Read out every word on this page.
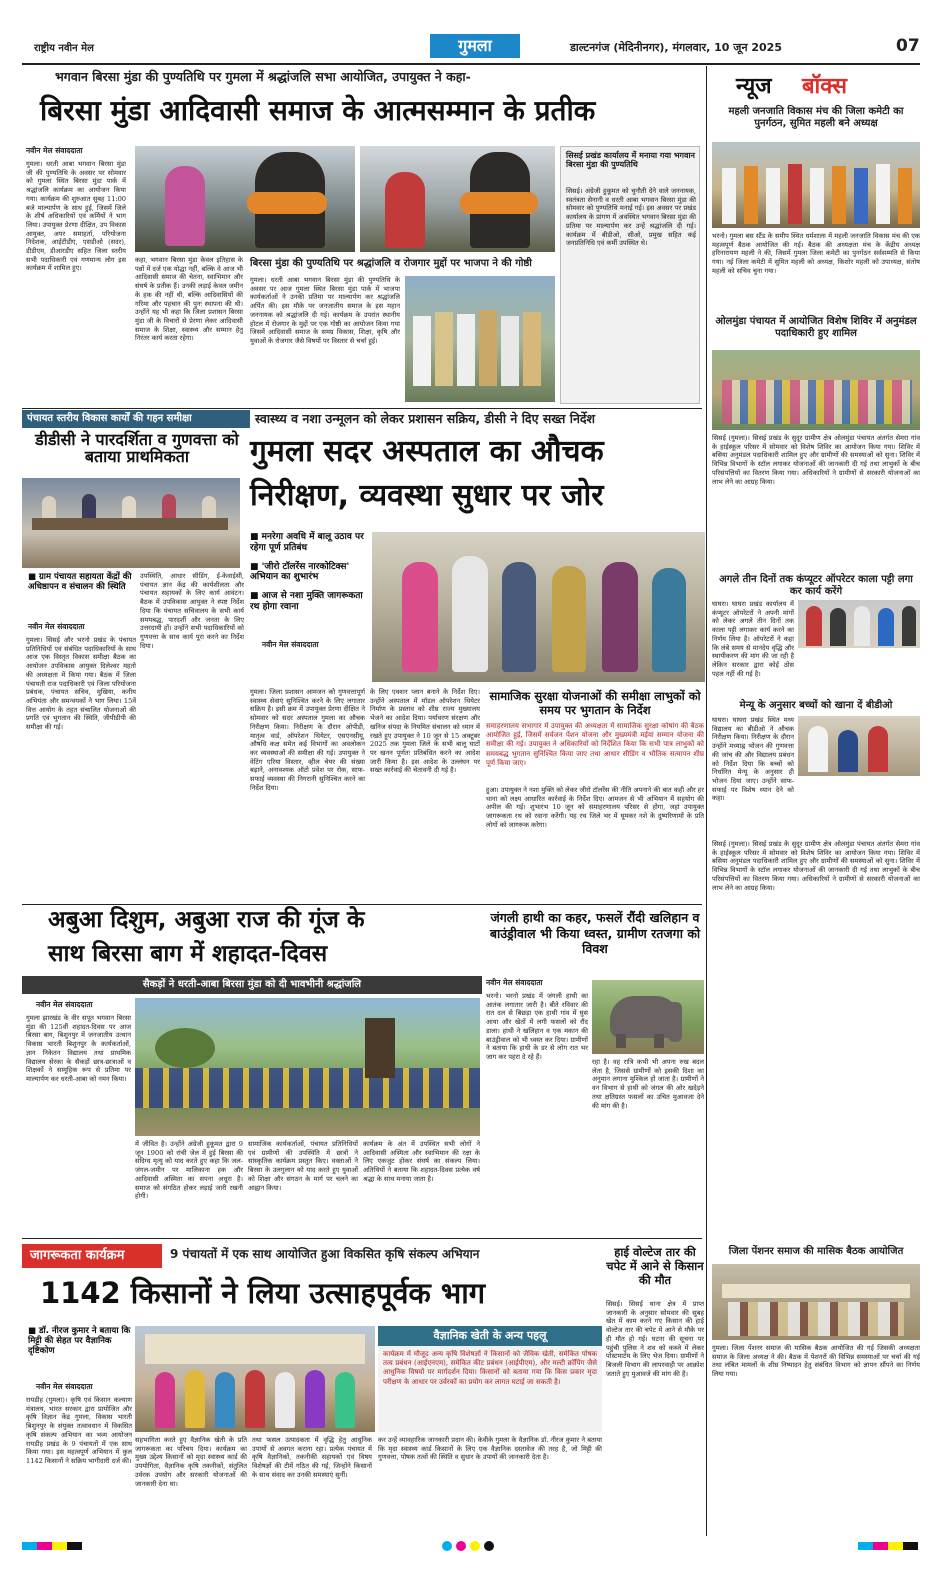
राष्ट्रीय नवीन मेल	गुमला	डाल्टनगंज (मेदिनीनगर), मंगलवार, 10 जून 2025	07
भगवान बिरसा मुंडा की पुण्यतिथि पर गुमला में श्रद्धांजलि सभा आयोजित, उपायुक्त ने कहा-
बिरसा मुंडा आदिवासी समाज के आत्मसम्मान के प्रतीक
नवीन मेल संवाददाता
गुमला। धरती आबा भगवान बिरसा मुंडा जी की पुण्यतिथि के अवसर पर सोमवार को गुमला स्थित बिरसा मुंडा पार्क में श्रद्धांजलि कार्यक्रम का आयोजन किया गया। कार्यक्रम की शुरुआत सुबह 11:00 बजे माल्यार्पण के साथ हुई, जिसमें जिले के शीर्ष अधिकारियों एवं कर्मियों ने भाग लिया। उपायुक्त प्रेरणा दीक्षित, उप विकास आयुक्त, अपर समाहर्ता, परियोजना निदेशक, आईटीडीए, एसडीओ (सदर), डीडीएम, डीआरडीए सहित जिला स्तरीय सभी पदाधिकारी एवं गणमान्य लोग इस कार्यक्रम में शामिल हुए।
कहा, भगवान बिरसा मुंडा केवल इतिहास के पन्नों में दर्ज एक योद्धा नहीं, बल्कि वे आज भी आदिवासी समाज की चेतना, स्वाभिमान और संघर्ष के प्रतीक हैं। उनकी लड़ाई केवल जमीन के हक की नहीं थी, बल्कि आदिवासियों की गरिमा और पहचान की पुनः स्थापना की थी। उन्होंने यह भी कहा कि जिला प्रशासन बिरसा मुंडा जी के विचारों से प्रेरणा लेकर आदिवासी समाज के शिक्षा, स्वास्थ्य और सम्मान हेतु निरंतर कार्य करता रहेगा।
सिसई प्रखंड कार्यालय में मनाया गया भगवान बिरसा मुंडा की पुण्यतिथि
सिसई। अंग्रेजी हुकूमत को चुनौती देने वाले जननायक, स्वतंत्रता सेनानी व धरती आबा भगवान बिरसा मुंडा की सोमवार को पुण्यतिथि मनाई गई। इस अवसर पर प्रखंड कार्यालय के प्रांगण में अवस्थित भगवान बिरसा मुंडा की प्रतिमा पर माल्यार्पण कर उन्हें श्रद्धांजलि दी गई। कार्यक्रम में बीडीओ, सीओ, प्रमुख सहित कई जनप्रतिनिधि एवं कर्मी उपस्थित थे।
बिरसा मुंडा की पुण्यतिथि पर श्रद्धांजलि व रोजगार मुद्दों पर भाजपा ने की गोष्ठी
गुमला। धरती आबा भगवान बिरसा मुंडा की पुण्यतिथि के अवसर पर आज गुमला स्थित बिरसा मुंडा पार्क में भाजपा कार्यकर्ताओं ने उनकी प्रतिमा पर माल्यार्पण कर श्रद्धांजलि अर्पित की। इस मौके पर जनजातीय समाज के इस महान जननायक को श्रद्धांजलि दी गई। कार्यक्रम के उपरांत स्थानीय होटल में रोजगार के मुद्दों पर एक गोष्ठी का आयोजन किया गया जिसमें आदिवासी समाज के समग्र विकास, शिक्षा, कृषि और युवाओं के रोजगार जैसे विषयों पर विस्तार से चर्चा हुई।
पंचायत स्तरीय विकास कार्यों की गहन समीक्षा
डीडीसी ने पारदर्शिता व गुणवत्ता को बताया प्राथमिकता
■ ग्राम पंचायत सहायता केंद्रों की अधिष्ठापन व संचालन की स्थिति
नवीन मेल संवाददाता
गुमला। सिसई और भरनो प्रखंड के पंचायत प्रतिनिधियों एवं संबंधित पदाधिकारियों के साथ आज एक विस्तृत विकास समीक्षा बैठक का आयोजन उपविकास आयुक्त दिलेश्वर महतो की अध्यक्षता में किया गया। बैठक में जिला पंचायती राज पदाधिकारी एवं जिला परियोजना प्रबंधक, पंचायत सचिव, मुखिया, कनीय अभियंता और समन्वयकों ने भाग लिया। 15वें वित्त आयोग के तहत संचालित योजनाओं की प्रगति एवं भुगतान की स्थिति, जीपीडीपी की समीक्षा की गई।
उपस्थिति, आधार सीडिंग, ई-केवाईसी, पंचायत ज्ञान केंद्र की कार्यशीलता और पंचायत सहायकों के लिए कार्य आवंटन। बैठक में उपविकास आयुक्त ने स्पष्ट निर्देश दिया कि पंचायत सचिवालय के सभी कार्य समयबद्ध, पारदर्शी और जनता के लिए उत्तरदायी हों। उन्होंने सभी पदाधिकारियों को गुणवत्ता के साथ कार्य पूरा करने का निर्देश दिया।
स्वास्थ्य व नशा उन्मूलन को लेकर प्रशासन सक्रिय, डीसी ने दिए सख्त निर्देश
गुमला सदर अस्पताल का औचक
निरीक्षण, व्यवस्था सुधार पर जोर
■ मनरेगा अवधि में बालू उठाव पर रहेगा पूर्ण प्रतिबंध
■ 'जीरो टॉलरेंस नारकोटिक्स' अभियान का शुभारंभ
■ आज से नशा मुक्ति जागरूकता रथ होगा रवाना
नवीन मेल संवाददाता
गुमला। जिला प्रशासन आमजन को गुणवत्तापूर्ण स्वास्थ्य सेवाएं सुनिश्चित करने के लिए लगातार सक्रिय है। इसी क्रम में उपायुक्त प्रेरणा दीक्षित ने सोमवार को सदर अस्पताल गुमला का औचक निरीक्षण किया। निरीक्षण के दौरान ओपीडी, मातृत्व वार्ड, ऑपरेशन थियेटर, एसएनसीयू, औषधि कक्ष समेत कई विभागों का अवलोकन कर व्यवस्थाओं की समीक्षा की गई। उपायुक्त ने वेटिंग एरिया विस्तार, व्हील चेयर की संख्या बढ़ाने, अनावश्यक ऑटो प्रवेश पर रोक, साफ-सफाई व्यवस्था की निगरानी सुनिश्चित करने का निर्देश दिया।
के लिए एक्शन प्लान बनाने के निर्देश दिए। उन्होंने अस्पताल में मॉडल ऑपरेशन थियेटर निर्माण के प्रस्ताव को शीघ्र राज्य मुख्यालय भेजने का आदेश दिया। पर्यावरण संरक्षण और खनिज संपदा के नियमित संचालन को ध्यान में रखते हुए उपायुक्त ने 10 जून से 15 अक्टूबर 2025 तक गुमला जिले के सभी बालू घाटों पर खनन पूर्णतः प्रतिबंधित करने का आदेश जारी किया है। इस आदेश के उल्लंघन पर सख्त कार्रवाई की चेतावनी दी गई है।
सामाजिक सुरक्षा योजनाओं की समीक्षा लाभुकों को समय पर भुगतान के निर्देश
समाहरणालय सभागार में उपायुक्त की अध्यक्षता में सामाजिक सुरक्षा कोषांग की बैठक आयोजित हुई, जिसमें सर्वजन पेंशन योजना और मुख्यमंत्री मईयां सम्मान योजना की समीक्षा की गई। उपायुक्त ने अधिकारियों को निर्देशित किया कि सभी पात्र लाभुकों को समयबद्ध भुगतान सुनिश्चित किया जाए तथा आधार सीडिंग व भौतिक सत्यापन शीघ्र पूर्ण किया जाए।
हुआ। उपायुक्त ने नशा मुक्ति को लेकर जीरो टॉलरेंस की नीति अपनाने की बात कही और हर थाना को लक्ष्य आधारित कार्रवाई के निर्देश दिए। आमजन से भी अभियान में सहयोग की अपील की गई। शुभारंभ 10 जून को समाहरणालय परिसर से होगा, जहां उपायुक्त जागरूकता रथ को रवाना करेंगी। यह रथ जिले भर में घूमकर नशे के दुष्परिणामों के प्रति लोगों को जागरूक करेगा।
अबुआ दिशुम, अबुआ राज की गूंज के
साथ बिरसा बाग में शहादत-दिवस
सैकड़ों ने धरती-आबा बिरसा मुंडा को दी भावभीनी श्रद्धांजलि
नवीन मेल संवाददाता
गुमला झारखंड के वीर सपूत भगवान बिरसा मुंडा की 125वीं शहादत-दिवस पर आज बिरसा बाग, बिशुनपुर में जनजातीय उत्थान विकास भारती बिशुनपुर के कार्यकर्ताओं, ज्ञान निकेतन विद्यालय तथा प्राथमिक विद्यालय सेरका के सैकड़ों छात्र-छात्राओं व शिक्षकों ने सामूहिक रूप से प्रतिमा पर माल्यार्पण कर धरती-आबा को नमन किया।
में जीवित है। उन्होंने अंग्रेजी हुकूमत द्वारा 9 जून 1900 को रांची जेल में हुई बिरसा की संदिग्ध मृत्यु को याद करते हुए कहा कि जल-जंगल-जमीन पर मालिकाना हक और आदिवासी अस्मिता का सपना अधूरा है। समाज को संगठित होकर लड़ाई जारी रखनी होगी।
सामाजिक कार्यकर्ताओं, पंचायत प्रतिनिधियों एवं ग्रामीणों की उपस्थिति में छात्रों ने सांस्कृतिक कार्यक्रम प्रस्तुत किए। वक्ताओं ने बिरसा के उलगुलान को याद करते हुए युवाओं को शिक्षा और संगठन के मार्ग पर चलने का आह्वान किया।
कार्यक्रम के अंत में उपस्थित सभी लोगों ने आदिवासी अस्मिता और स्वाभिमान की रक्षा के लिए एकजुट होकर संघर्ष का संकल्प लिया। अतिथियों ने बताया कि शहादत-दिवस प्रत्येक वर्ष श्रद्धा के साथ मनाया जाता है।
जंगली हाथी का कहर, फसलें रौंदी खलिहान व बाउंड्रीवाल भी किया ध्वस्त, ग्रामीण रतजगा को विवश
नवीन मेल संवाददाता
भरनो। भरनो प्रखंड में जंगली हाथी का आतंक लगातार जारी है। बीते रविवार की रात दल से बिछड़ा एक हाथी गांव में घुस आया और खेतों में लगी फसलों को रौंद डाला। हाथी ने खलिहान व एक मकान की बाउंड्रीवाल को भी ध्वस्त कर दिया। ग्रामीणों ने बताया कि हाथी के डर से लोग रात भर जाग कर पहरा दे रहे हैं।
रहा है। वह रात्रि कभी भी अपना रुख बदल लेता है, जिससे ग्रामीणों को इसकी दिशा का अनुमान लगाना मुश्किल हो जाता है। ग्रामीणों ने वन विभाग से हाथी को जंगल की ओर खदेड़ने तथा क्षतिग्रस्त फसलों का उचित मुआवजा देने की मांग की है।
जागरूकता कार्यक्रम	9 पंचायतों में एक साथ आयोजित हुआ विकसित कृषि संकल्प अभियान
1142 किसानों ने लिया उत्साहपूर्वक भाग
■ डॉ. नीरज कुमार ने बताया कि मिट्टी की सेहत पर वैज्ञानिक दृष्टिकोण
नवीन मेल संवाददाता
रायडीह (गुमला)। कृषि एवं किसान कल्याण मंत्रालय, भारत सरकार द्वारा प्रायोजित और कृषि विज्ञान केंद्र गुमला, विकास भारती बिशुनपुर के संयुक्त तत्वावधान में विकसित कृषि संकल्प अभियान का भव्य आयोजन रायडीह प्रखंड के 9 पंचायतों में एक साथ किया गया। इस महत्वपूर्ण अभियान में कुल 1142 किसानों ने सक्रिय भागीदारी दर्ज की।
वैज्ञानिक खेती के अन्य पहलू
कार्यक्रम में मौजूद अन्य कृषि विशेषज्ञों ने किसानों को जैविक खेती, समेकित पोषक तत्व प्रबंधन (आईएनएम), समेकित कीट प्रबंधन (आईपीएम), और मल्टी क्रॉपिंग जैसे आधुनिक विषयों पर मार्गदर्शन दिया। किसानों को बताया गया कि किस प्रकार मृदा परीक्षण के आधार पर उर्वरकों का प्रयोग कर लागत घटाई जा सकती है।
सहभागिता करते हुए वैज्ञानिक खेती के प्रति जागरूकता का परिचय दिया। कार्यक्रम का मुख्य उद्देश्य किसानों को मृदा स्वास्थ्य कार्ड की उपयोगिता, वैज्ञानिक कृषि तकनीकों, संतुलित उर्वरक उपयोग और सरकारी योजनाओं की जानकारी देना था।
तथा फसल उत्पादकता में वृद्धि हेतु आधुनिक उपायों से अवगत कराना रहा। प्रत्येक पंचायत में कृषि वैज्ञानिकों, तकनीकी सहायकों एवं विषय विशेषज्ञों की टीमें गठित की गईं, जिन्होंने किसानों के साथ संवाद कर उनकी समस्याएं सुनीं।
कर उन्हें व्यावहारिक जानकारी प्रदान की। केवीके गुमला के वैज्ञानिक डॉ. नीरज कुमार ने बताया कि मृदा स्वास्थ्य कार्ड किसानों के लिए एक वैज्ञानिक दस्तावेज की तरह है, जो मिट्टी की गुणवत्ता, पोषक तत्वों की स्थिति व सुधार के उपायों की जानकारी देता है।
हाई वोल्टेज तार की चपेट में आने से किसान की मौत
सिसई। सिसई थाना क्षेत्र में प्राप्त जानकारी के अनुसार सोमवार की सुबह खेत में काम करने गए किसान की हाई वोल्टेज तार की चपेट में आने से मौके पर ही मौत हो गई। घटना की सूचना पर पहुंची पुलिस ने शव को कब्जे में लेकर पोस्टमार्टम के लिए भेज दिया। ग्रामीणों ने बिजली विभाग की लापरवाही पर आक्रोश जताते हुए मुआवजे की मांग की है।
न्यूज बॉक्स
महली जनजाति विकास मंच की जिला कमेटी का पुनर्गठन, सुमित महली बने अध्यक्ष
भरनो। गुमला बस स्टैंड के समीप स्थित धर्मशाला में महली जनजाति विकास मंच की एक महत्वपूर्ण बैठक आयोजित की गई। बैठक की अध्यक्षता मंच के केंद्रीय अध्यक्ष हरिनारायण महली ने की, जिसमें गुमला जिला कमेटी का पुनर्गठन सर्वसम्मति से किया गया। नई जिला कमेटी में सुमित महली को अध्यक्ष, किशोर महली को उपाध्यक्ष, संतोष महली को सचिव चुना गया।
ओलमुंडा पंचायत में आयोजित विशेष शिविर में अनुमंडल पदाधिकारी हुए शामिल
सिसई (गुमला)। सिसई प्रखंड के सुदूर ग्रामीण क्षेत्र ओलमुंडा पंचायत अंतर्गत सेमरा गांव के हाईस्कूल परिसर में सोमवार को विशेष शिविर का आयोजन किया गया। शिविर में बसिया अनुमंडल पदाधिकारी शामिल हुए और ग्रामीणों की समस्याओं को सुना। शिविर में विभिन्न विभागों के स्टॉल लगाकर योजनाओं की जानकारी दी गई तथा लाभुकों के बीच परिसंपत्तियों का वितरण किया गया। अधिकारियों ने ग्रामीणों से सरकारी योजनाओं का लाभ लेने का आग्रह किया।
अगले तीन दिनों तक कंप्यूटर ऑपरेटर काला पट्टी लगा कर कार्य करेंगे
घाघरा। घाघरा प्रखंड कार्यालय में कंप्यूटर ऑपरेटरों ने अपनी मांगों को लेकर अगले तीन दिनों तक काला पट्टी लगाकर कार्य करने का निर्णय लिया है। ऑपरेटरों ने कहा कि लंबे समय से मानदेय वृद्धि और स्थायीकरण की मांग की जा रही है लेकिन सरकार द्वारा कोई ठोस पहल नहीं की गई है।
मेन्यू के अनुसार बच्चों को खाना दें बीडीओ
घाघरा। घाघरा प्रखंड स्थित मध्य विद्यालय का बीडीओ ने औचक निरीक्षण किया। निरीक्षण के दौरान उन्होंने मध्याह्न भोजन की गुणवत्ता की जांच की और विद्यालय प्रबंधन को निर्देश दिया कि बच्चों को निर्धारित मेन्यू के अनुसार ही भोजन दिया जाए। उन्होंने साफ-सफाई पर विशेष ध्यान देने को कहा।
जिला पेंशनर समाज की मासिक बैठक आयोजित
गुमला। जिला पेंशनर समाज की मासिक बैठक आयोजित की गई जिसकी अध्यक्षता समाज के जिला अध्यक्ष ने की। बैठक में पेंशनरों की विभिन्न समस्याओं पर चर्चा की गई तथा लंबित मामलों के शीघ्र निष्पादन हेतु संबंधित विभाग को ज्ञापन सौंपने का निर्णय लिया गया।
सिसई (गुमला)। सिसई प्रखंड के सुदूर ग्रामीण क्षेत्र ओलमुंडा पंचायत अंतर्गत सेमरा गांव के हाईस्कूल परिसर में सोमवार को विशेष शिविर का आयोजन किया गया। शिविर में बसिया अनुमंडल पदाधिकारी शामिल हुए और ग्रामीणों की समस्याओं को सुना। शिविर में विभिन्न विभागों के स्टॉल लगाकर योजनाओं की जानकारी दी गई तथा लाभुकों के बीच परिसंपत्तियों का वितरण किया गया। अधिकारियों ने ग्रामीणों से सरकारी योजनाओं का लाभ लेने का आग्रह किया।
